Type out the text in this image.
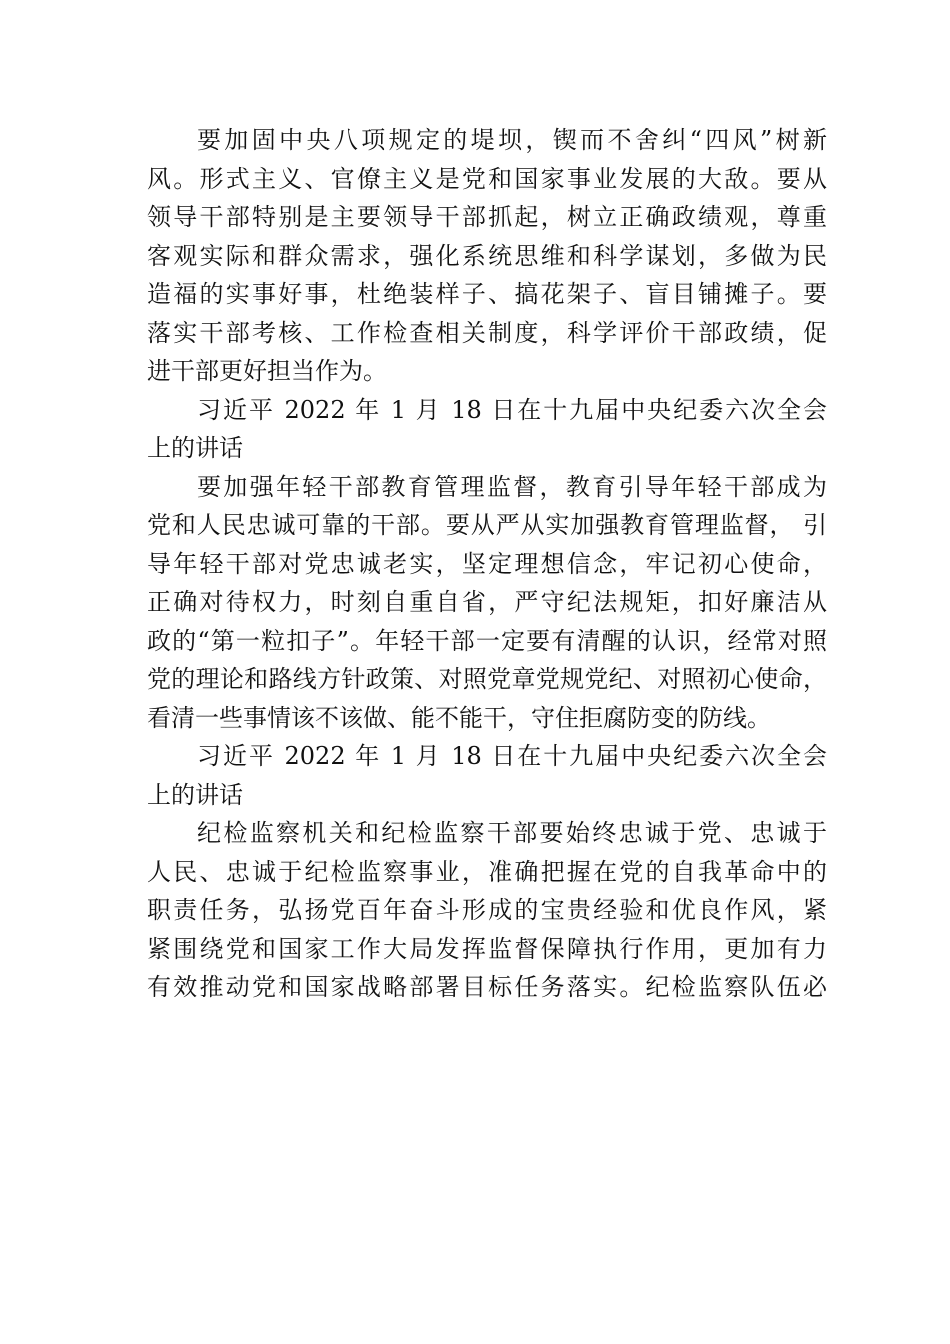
要加固中央八项规定的堤坝，锲而不舍纠“四风”树新
风。形式主义、官僚主义是党和国家事业发展的大敌。要从
领导干部特别是主要领导干部抓起，树立正确政绩观，尊重
客观实际和群众需求，强化系统思维和科学谋划，多做为民
造福的实事好事，杜绝装样子、搞花架子、盲目铺摊子。要
落实干部考核、工作检查相关制度，科学评价干部政绩，促
进干部更好担当作为。
习近平 2022 年 1 月 18 日在十九届中央纪委六次全会
上的讲话
要加强年轻干部教育管理监督，教育引导年轻干部成为
党和人民忠诚可靠的干部。要从严从实加强教育管理监督， 引
导年轻干部对党忠诚老实，坚定理想信念，牢记初心使命，
正确对待权力，时刻自重自省，严守纪法规矩，扣好廉洁从
政的“第一粒扣子”。年轻干部一定要有清醒的认识，经常对照
党的理论和路线方针政策、对照党章党规党纪、对照初心使命，
看清一些事情该不该做、能不能干，守住拒腐防变的防线。
习近平 2022 年 1 月 18 日在十九届中央纪委六次全会
上的讲话
纪检监察机关和纪检监察干部要始终忠诚于党、忠诚于
人民、忠诚于纪检监察事业，准确把握在党的自我革命中的
职责任务，弘扬党百年奋斗形成的宝贵经验和优良作风，紧
紧围绕党和国家工作大局发挥监督保障执行作用，更加有力
有效推动党和国家战略部署目标任务落实。纪检监察队伍必
